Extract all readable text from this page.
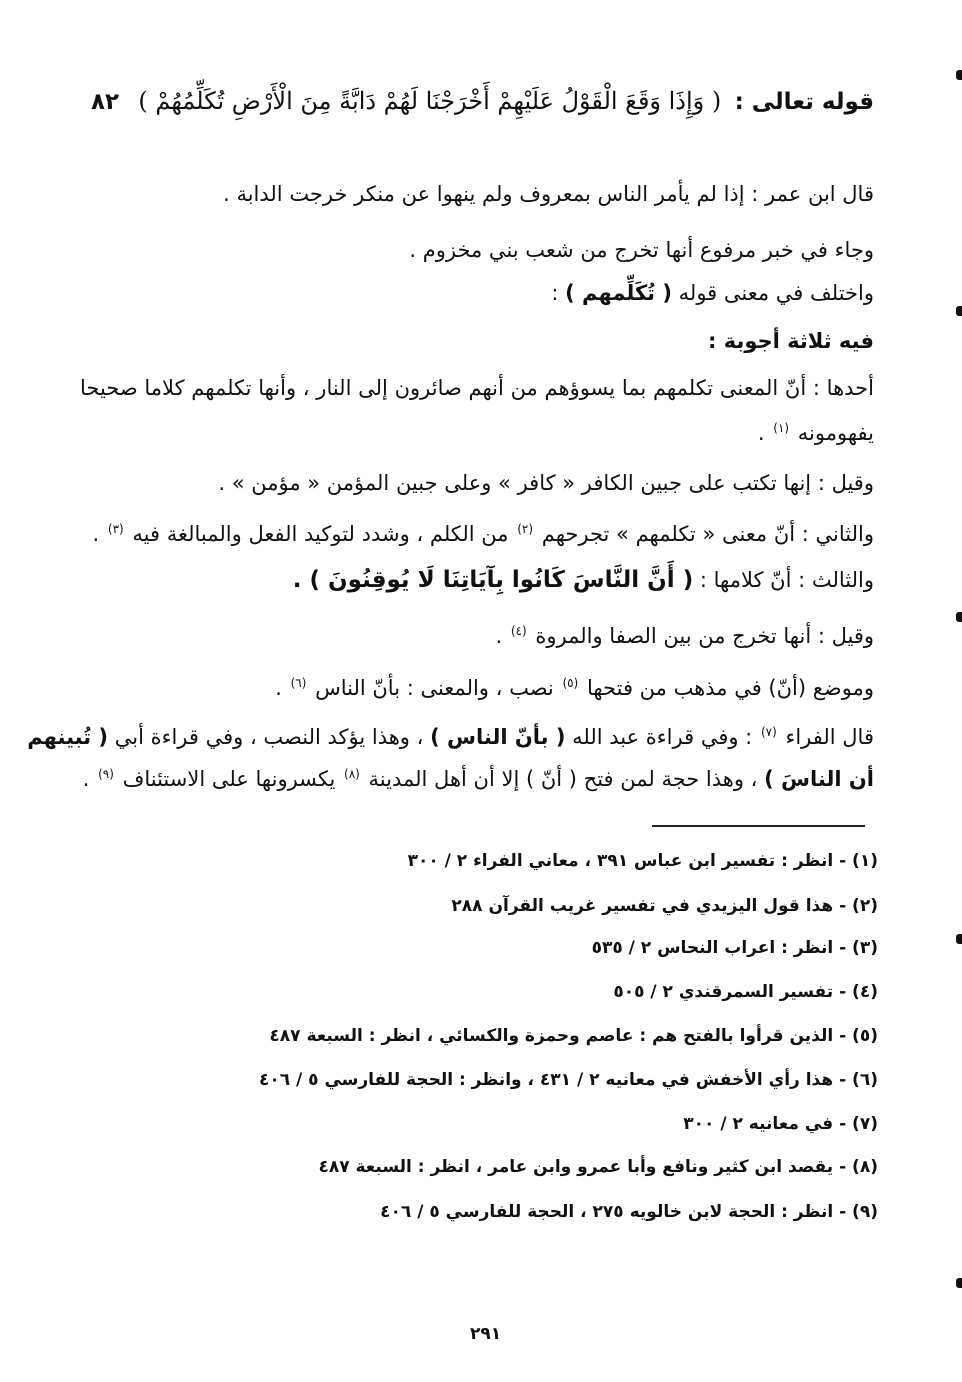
قوله تعالى : ( وَإِذَا وَقَعَ الْقَوْلُ عَلَيْهِمْ أَخْرَجْنَا لَهُمْ دَابَّةً مِنَ الْأَرْضِ تُكَلِّمُهُمْ ) ٨٢
قال ابن عمر : إذا لم يأمر الناس بمعروف ولم ينهوا عن منكر خرجت الدابة .
وجاء في خبر مرفوع أنها تخرج من شعب بني مخزوم .
واختلف في معنى قوله ( تُكَلِّمهم ) :
فيه ثلاثة أجوبة :
أحدها : أنّ المعنى تكلمهم بما يسوؤهم من أنهم صائرون إلى النار ، وأنها تكلمهم كلاما صحيحا
يفهومونه $^{(١)}$ .
وقيل : إنها تكتب على جبين الكافر « كافر » وعلى جبين المؤمن « مؤمن » .
والثاني : أنّ معنى « تكلمهم » تجرحهم $^{(٢)}$ من الكلم ، وشدد لتوكيد الفعل والمبالغة فيه $^{(٣)}$ .
والثالث : أنّ كلامها : ( أَنَّ النَّاسَ كَانُوا بِآيَاتِنَا لَا يُوقِنُونَ ) .
وقيل : أنها تخرج من بين الصفا والمروة $^{(٤)}$ .
وموضع (أنّ) في مذهب من فتحها $^{(٥)}$ نصب ، والمعنى : بأنّ الناس $^{(٦)}$ .
قال الفراء $^{(٧)}$ : وفي قراءة عبد الله ( بأنّ الناس ) ، وهذا يؤكد النصب ، وفي قراءة أبي ( تُبينهم
أن الناسَ ) ، وهذا حجة لمن فتح ( أنّ ) إلا أن أهل المدينة $^{(٨)}$ يكسرونها على الاستئناف $^{(٩)}$ .
(١) - انظر : تفسير ابن عباس ٣٩١ ، معاني الفراء ٢ / ٣٠٠
(٢) - هذا قول اليزيدي في تفسير غريب القرآن ٢٨٨
(٣) - انظر : اعراب النحاس ٢ / ٥٣٥
(٤) - تفسير السمرقندي ٢ / ٥٠٥
(٥) - الذين قرأوا بالفتح هم : عاصم وحمزة والكسائي ، انظر : السبعة ٤٨٧
(٦) - هذا رأي الأخفش في معانيه ٢ / ٤٣١ ، وانظر : الحجة للفارسي ٥ / ٤٠٦
(٧) - في معانيه ٢ / ٣٠٠
(٨) - يقصد ابن كثير ونافع وأبا عمرو وابن عامر ، انظر : السبعة ٤٨٧
(٩) - انظر : الحجة لابن خالويه ٢٧٥ ، الحجة للفارسي ٥ / ٤٠٦
٢٩١
